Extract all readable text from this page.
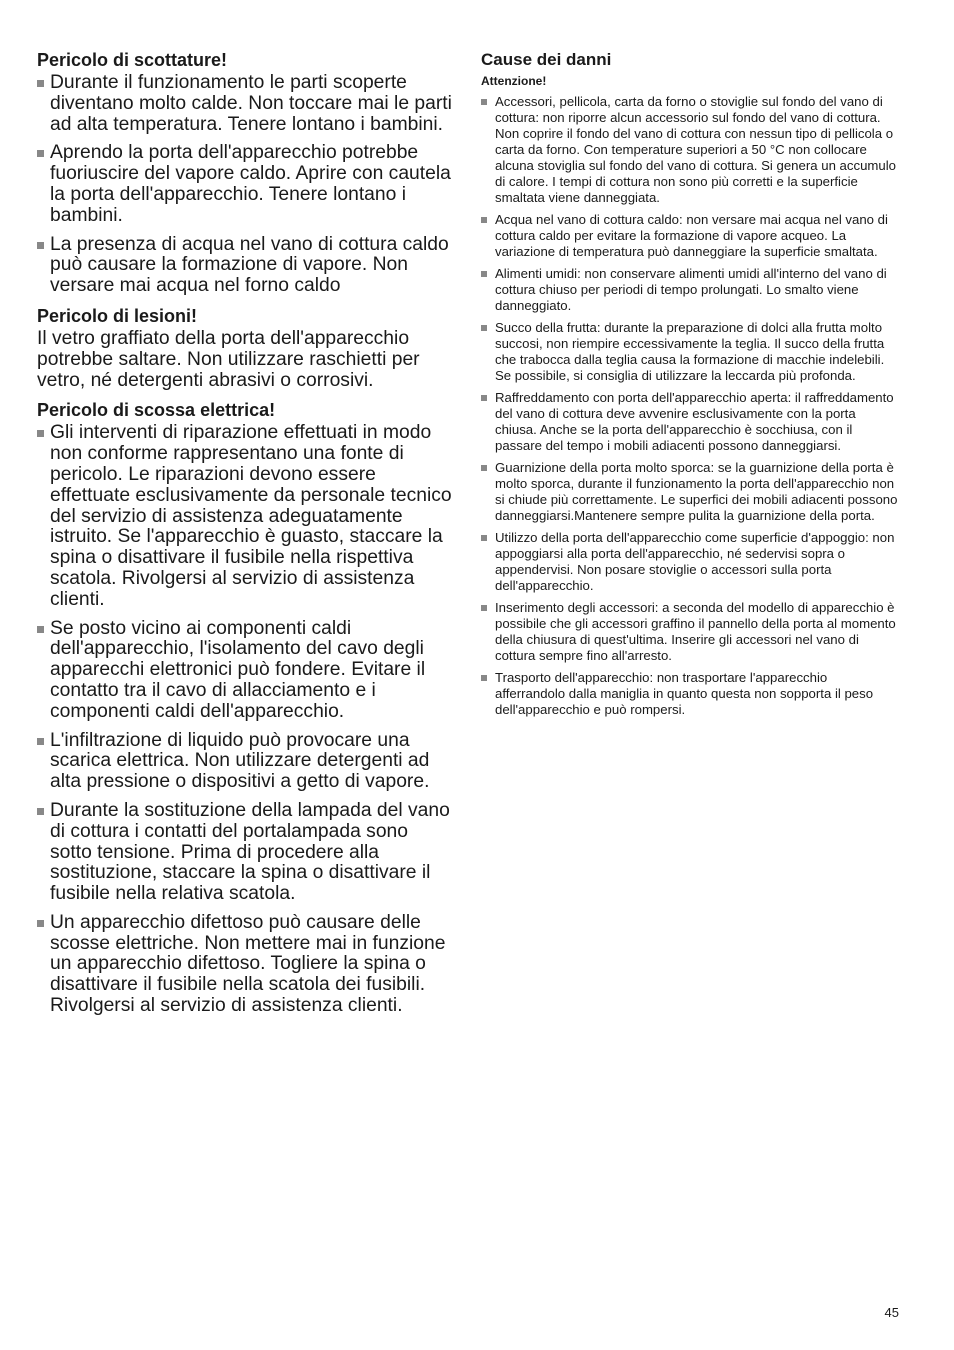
Pericolo di scottature!
Durante il funzionamento le parti scoperte diventano molto calde. Non toccare mai le parti ad alta temperatura. Tenere lontano i bambini.
Aprendo la porta dell'apparecchio potrebbe fuoriuscire del vapore caldo. Aprire con cautela la porta dell'apparecchio. Tenere lontano i bambini.
La presenza di acqua nel vano di cottura caldo può causare la formazione di vapore. Non versare mai acqua nel forno caldo
Pericolo di lesioni!

Il vetro graffiato della porta dell'apparecchio potrebbe saltare. Non utilizzare raschietti per vetro, né detergenti abrasivi o corrosivi.

Pericolo di scossa elettrica!
Gli interventi di riparazione effettuati in modo non conforme rappresentano una fonte di pericolo. Le riparazioni devono essere effettuate esclusivamente da personale tecnico del servizio di assistenza adeguatamente istruito. Se l'apparecchio è guasto, staccare la spina o disattivare il fusibile nella rispettiva scatola. Rivolgersi al servizio di assistenza clienti.
Se posto vicino ai componenti caldi dell'apparecchio, l'isolamento del cavo degli apparecchi elettronici può fondere. Evitare il contatto tra il cavo di allacciamento e i componenti caldi dell'apparecchio.
L'infiltrazione di liquido può provocare una scarica elettrica. Non utilizzare detergenti ad alta pressione o dispositivi a getto di vapore.
Durante la sostituzione della lampada del vano di cottura i contatti del portalampada sono sotto tensione. Prima di procedere alla sostituzione, staccare la spina o disattivare il fusibile nella relativa scatola.
Un apparecchio difettoso può causare delle scosse elettriche. Non mettere mai in funzione un apparecchio difettoso. Togliere la spina o disattivare il fusibile nella scatola dei fusibili. Rivolgersi al servizio di assistenza clienti.
Cause dei danni
Attenzione!
Accessori, pellicola, carta da forno o stoviglie sul fondo del vano di cottura: non riporre alcun accessorio sul fondo del vano di cottura. Non coprire il fondo del vano di cottura con nessun tipo di pellicola o carta da forno. Con temperature superiori a 50 °C non collocare alcuna stoviglia sul fondo del vano di cottura. Si genera un accumulo di calore. I tempi di cottura non sono più corretti e la superficie smaltata viene danneggiata.
Acqua nel vano di cottura caldo: non versare mai acqua nel vano di cottura caldo per evitare la formazione di vapore acqueo. La variazione di temperatura può danneggiare la superficie smaltata.
Alimenti umidi: non conservare alimenti umidi all'interno del vano di cottura chiuso per periodi di tempo prolungati. Lo smalto viene danneggiato.
Succo della frutta: durante la preparazione di dolci alla frutta molto succosi, non riempire eccessivamente la teglia. Il succo della frutta che trabocca dalla teglia causa la formazione di macchie indelebili. Se possibile, si consiglia di utilizzare la leccarda più profonda.
Raffreddamento con porta dell'apparecchio aperta: il raffreddamento del vano di cottura deve avvenire esclusivamente con la porta chiusa. Anche se la porta dell'apparecchio è socchiusa, con il passare del tempo i mobili adiacenti possono danneggiarsi.
Guarnizione della porta molto sporca: se la guarnizione della porta è molto sporca, durante il funzionamento la porta dell'apparecchio non si chiude più correttamente. Le superfici dei mobili adiacenti possono danneggiarsi.Mantenere sempre pulita la guarnizione della porta.
Utilizzo della porta dell'apparecchio come superficie d'appoggio: non appoggiarsi alla porta dell'apparecchio, né sedervisi sopra o appendervisi. Non posare stoviglie o accessori sulla porta dell'apparecchio.
Inserimento degli accessori: a seconda del modello di apparecchio è possibile che gli accessori graffino il pannello della porta al momento della chiusura di quest'ultima. Inserire gli accessori nel vano di cottura sempre fino all'arresto.
Trasporto dell'apparecchio: non trasportare l'apparecchio afferrandolo dalla maniglia in quanto questa non sopporta il peso dell'apparecchio e può rompersi.
45
